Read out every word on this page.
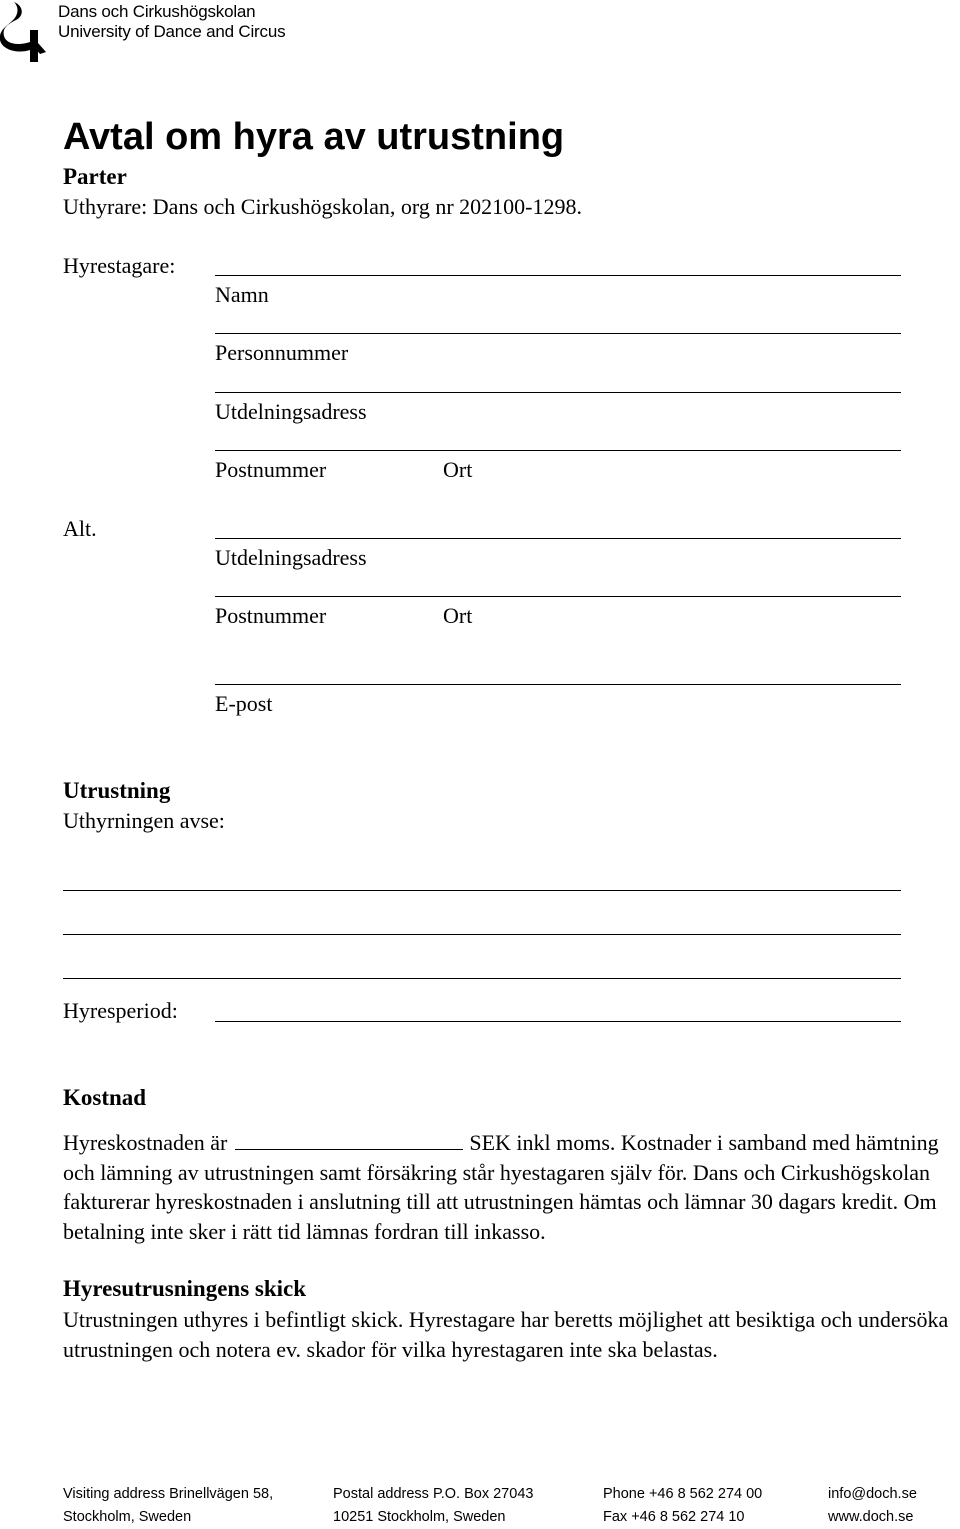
Dans och Cirkushögskolan
University of Dance and Circus
Avtal om hyra av utrustning
Parter
Uthyrare: Dans och Cirkushögskolan, org nr 202100-1298.
Hyrestagare:
Namn
Personnummer
Utdelningsadress
Postnummer	Ort
Alt.
Utdelningsadress
Postnummer	Ort
E-post
Utrustning
Uthyrningen avse:
Hyresperiod:
Kostnad
Hyreskostnaden är	SEK inkl moms. Kostnader i samband med hämtning och lämning av utrustningen samt försäkring står hyestagaren själv för. Dans och Cirkushögskolan fakturerar hyreskostnaden i anslutning till att utrustningen hämtas och lämnar 30 dagars kredit. Om betalning inte sker i rätt tid lämnas fordran till inkasso.
Hyresutrusningens skick
Utrustningen uthyres i befintligt skick. Hyrestagare har beretts möjlighet att besiktiga och undersöka utrustningen och notera ev. skador för vilka hyrestagaren inte ska belastas.
Visiting address Brinellvägen 58,
Stockholm, Sweden
Postal address P.O. Box 27043
10251 Stockholm, Sweden
Phone +46 8 562 274 00
Fax +46 8 562 274 10
info@doch.se
www.doch.se
